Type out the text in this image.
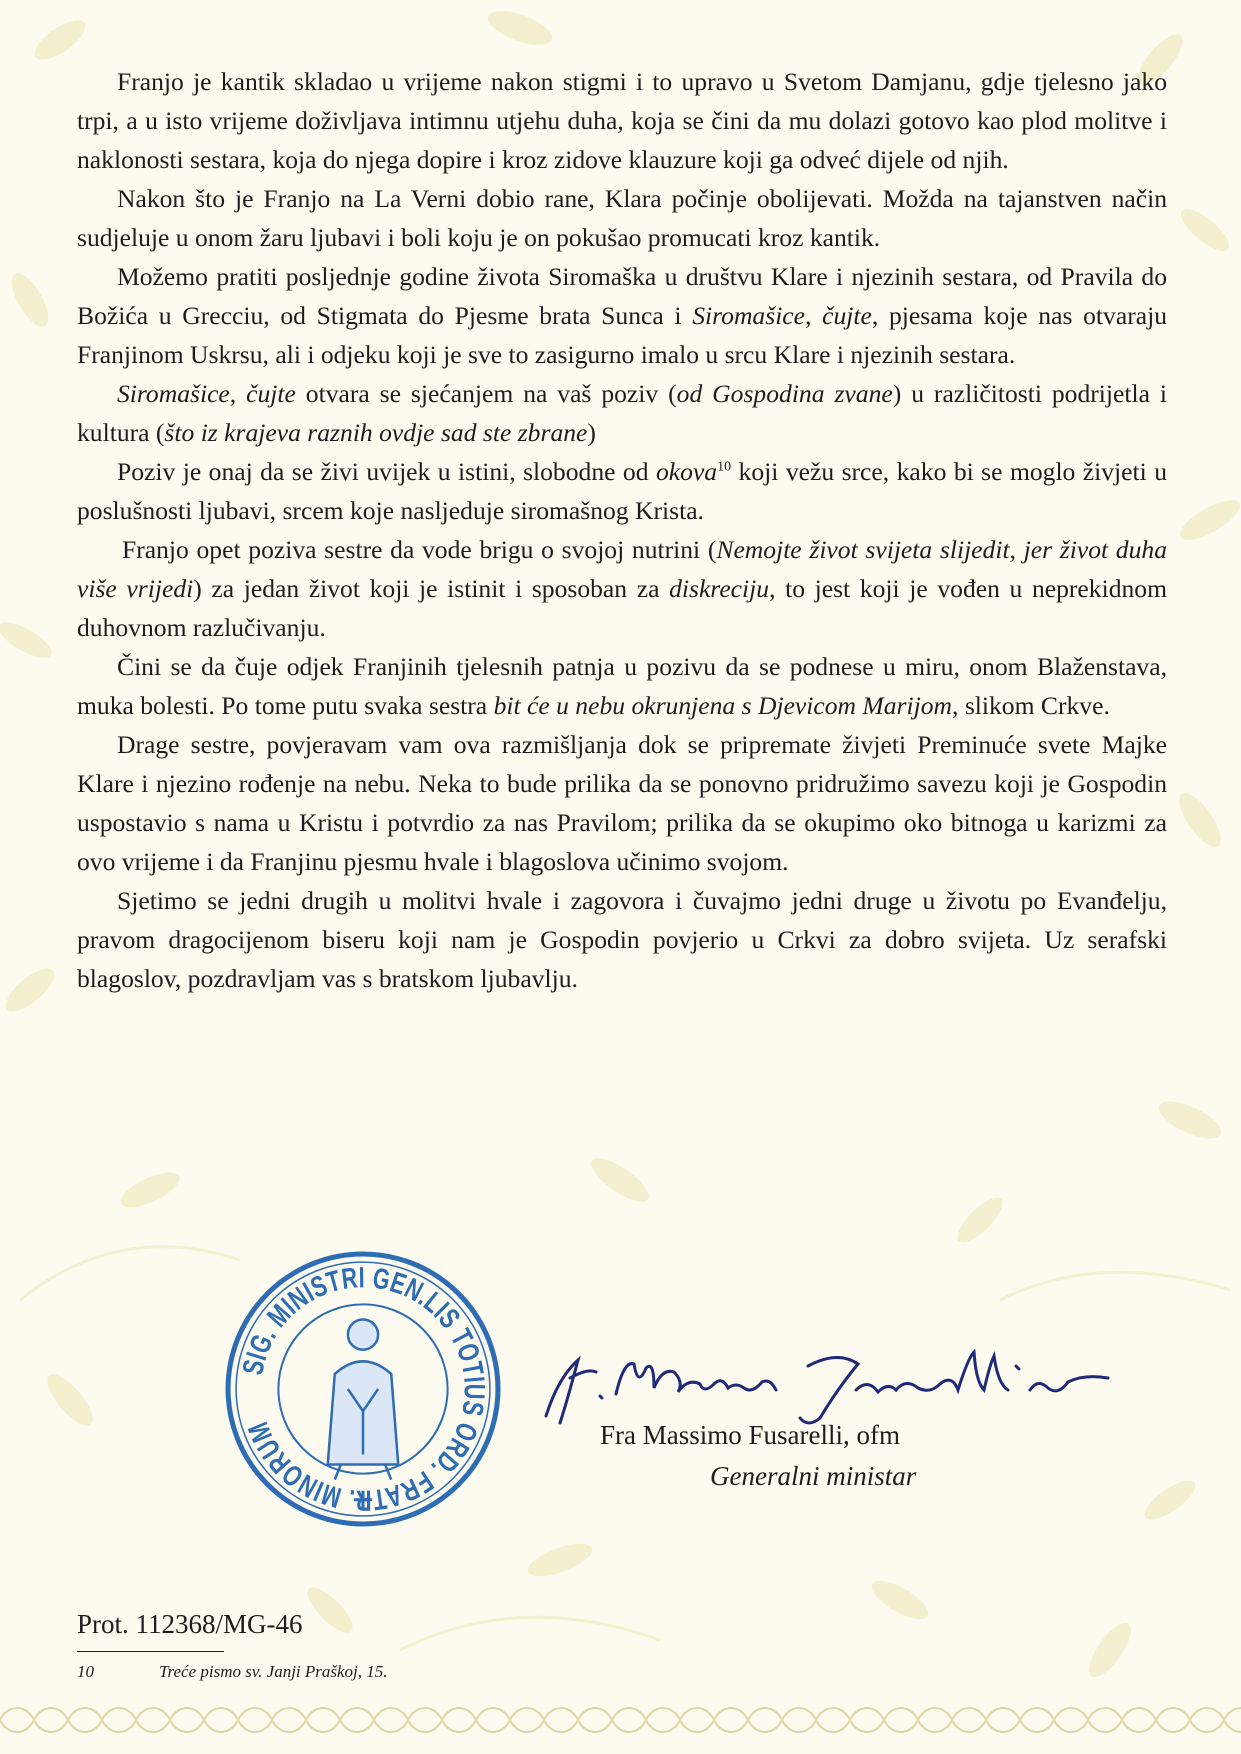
Franjo je kantik skladao u vrijeme nakon stigmi i to upravo u Svetom Damjanu, gdje tjelesno jako trpi, a u isto vrijeme doživljava intimnu utjehu duha, koja se čini da mu dolazi gotovo kao plod molitve i naklonosti sestara, koja do njega dopire i kroz zidove klauzure koji ga odveć dijele od njih.

Nakon što je Franjo na La Verni dobio rane, Klara počinje obolijevati. Možda na tajanstven način sudjeluje u onom žaru ljubavi i boli koju je on pokušao promucati kroz kantik.

Možemo pratiti posljednje godine života Siromaška u društvu Klare i njezinih sestara, od Pravila do Božića u Grecciu, od Stigmata do Pjesme brata Sunca i Siromašice, čujte, pjesama koje nas otvaraju Franjinom Uskrsu, ali i odjeku koji je sve to zasigurno imalo u srcu Klare i njezinih sestara.

Siromašice, čujte otvara se sjećanjem na vaš poziv (od Gospodina zvane) u različitosti podrijetla i kultura (što iz krajeva raznih ovdje sad ste zbrane)

Poziv je onaj da se živi uvijek u istini, slobodne od okova$^{10}$ koji vežu srce, kako bi se moglo živjeti u poslušnosti ljubavi, srcem koje nasljeduje siromašnog Krista.

Franjo opet poziva sestre da vode brigu o svojoj nutrini (Nemojte život svijeta slijedit, jer život duha više vrijedi) za jedan život koji je istinit i sposoban za diskreciju, to jest koji je vođen u neprekidnom duhovnom razlučivanju.

Čini se da čuje odjek Franjinih tjelesnih patnja u pozivu da se podnese u miru, onom Blaženstava, muka bolesti. Po tome putu svaka sestra bit će u nebu okrunjena s Djevicom Marijom, slikom Crkve.

Drage sestre, povjeravam vam ova razmišljanja dok se pripremate živjeti Preminuće svete Majke Klare i njezino rođenje na nebu. Neka to bude prilika da se ponovno pridružimo savezu koji je Gospodin uspostavio s nama u Kristu i potvrdio za nas Pravilom; prilika da se okupimo oko bitnoga u karizmi za ovo vrijeme i da Franjinu pjesmu hvale i blagoslova učinimo svojom.

Sjetimo se jedni drugih u molitvi hvale i zagovora i čuvajmo jedni druge u životu po Evanđelju, pravom dragocijenom biseru koji nam je Gospodin povjerio u Crkvi za dobro svijeta. Uz serafski blagoslov, pozdravljam vas s bratskom ljubavlju.

SIG. MINISTRI GEN.LIS TOTIUS ORD. FRATR. MINORUM	Fra Massimo Fusarelli, ofm
Generalni ministar
Prot. 112368/MG-46
10	Treće pismo sv. Janji Praškoj, 15.
